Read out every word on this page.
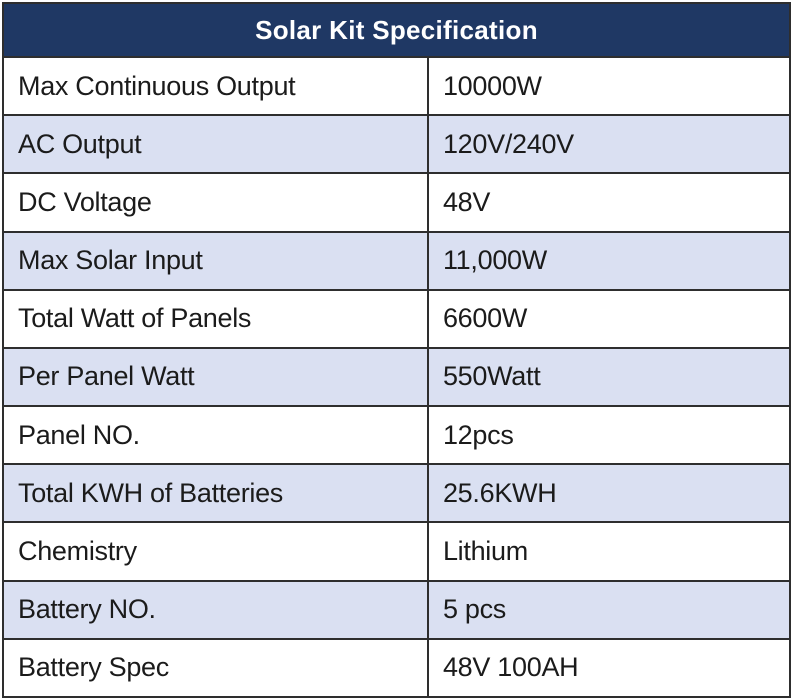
Solar Kit Specification	
Max Continuous Output	10000W
AC Output	120V/240V
DC Voltage	48V
Max Solar Input	11,000W
Total Watt of Panels	6600W
Per Panel Watt	550Watt
Panel NO.	12pcs
Total KWH of Batteries	25.6KWH
Chemistry	Lithium
Battery NO.	5 pcs
Battery Spec	48V 100AH
